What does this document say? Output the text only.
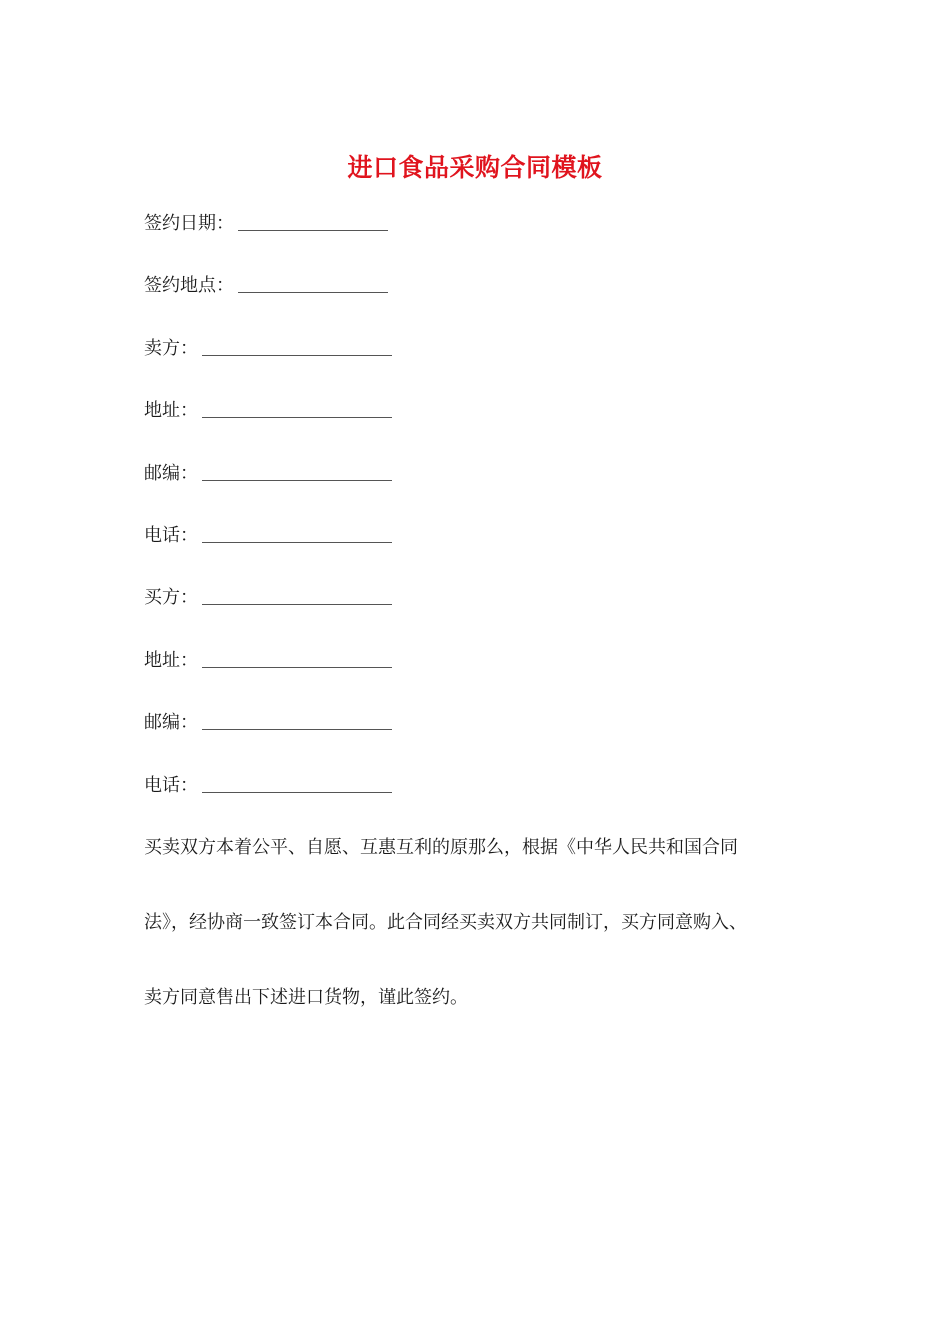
进口食品采购合同模板
签约日期：
签约地点：
卖方：
地址：
邮编：
电话：
买方：
地址：
邮编：
电话：
买卖双方本着公平、自愿、互惠互利的原那么，根据《中华人民共和国合同
法》，经协商一致签订本合同。此合同经买卖双方共同制订，买方同意购入、
卖方同意售出下述进口货物，谨此签约。
